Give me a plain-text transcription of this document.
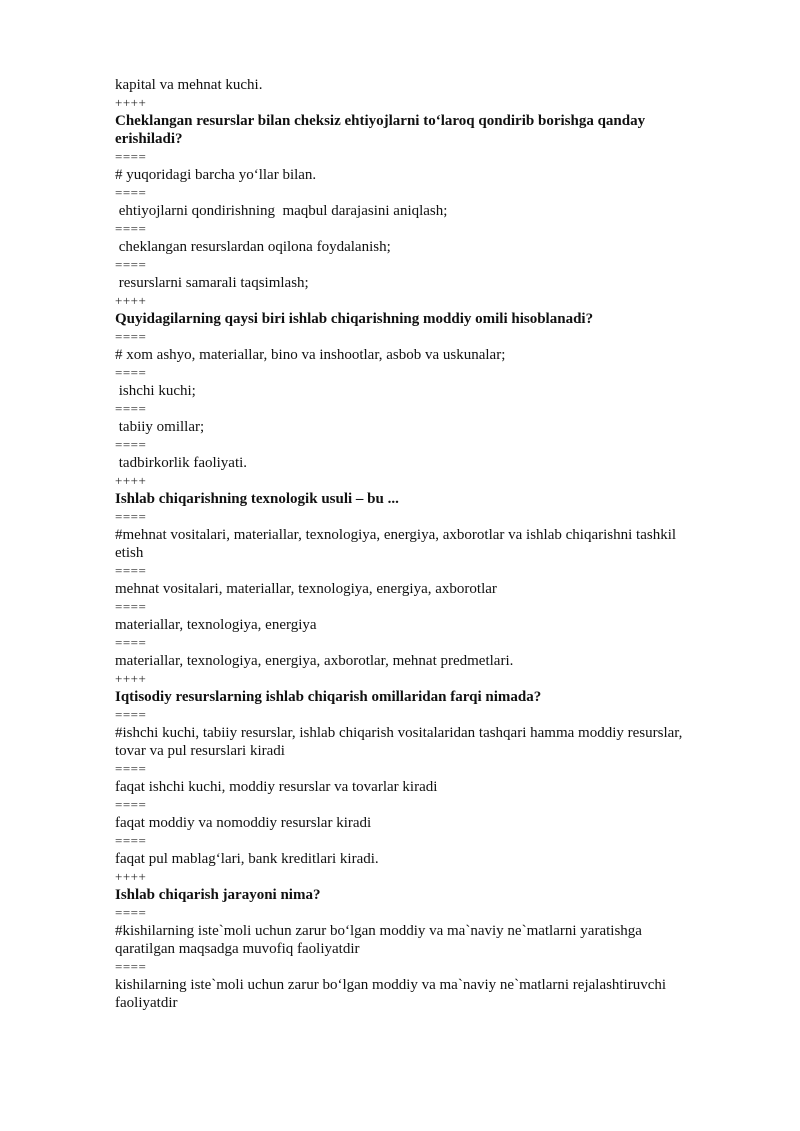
kapital va mehnat kuchi.
++++
Cheklangan resurslar bilan cheksiz ehtiyojlarni to‘laroq qondirib borishga qanday
erishiladi?
====
# yuqoridagi barcha yo‘llar bilan.
====
ehtiyojlarni qondirishning  maqbul darajasini aniqlash;
====
cheklangan resurslardan oqilona foydalanish;
====
resurslarni samarali taqsimlash;
++++
Quyidagilarning qaysi biri ishlab chiqarishning moddiy omili hisoblanadi?
====
# xom ashyo, materiallar, bino va inshootlar, asbob va uskunalar;
====
ishchi kuchi;
====
tabiiy omillar;
====
tadbirkorlik faoliyati.
++++
Ishlab chiqarishning texnologik usuli – bu ...
====
#mehnat vositalari, materiallar, texnologiya, energiya, axborotlar va ishlab chiqarishni tashkil
etish
====
mehnat vositalari, materiallar, texnologiya, energiya, axborotlar
====
materiallar, texnologiya, energiya
====
materiallar, texnologiya, energiya, axborotlar, mehnat predmetlari.
++++
Iqtisodiy resurslarning ishlab chiqarish omillaridan farqi nimada?
====
#ishchi kuchi, tabiiy resurslar, ishlab chiqarish vositalaridan tashqari hamma moddiy resurslar,
tovar va pul resurslari kiradi
====
faqat ishchi kuchi, moddiy resurslar va tovarlar kiradi
====
faqat moddiy va nomoddiy resurslar kiradi
====
faqat pul mablag‘lari, bank kreditlari kiradi.
++++
Ishlab chiqarish jarayoni nima?
====
#kishilarning iste`moli uchun zarur bo‘lgan moddiy va ma`naviy ne`matlarni yaratishga
qaratilgan maqsadga muvofiq faoliyatdir
====
kishilarning iste`moli uchun zarur bo‘lgan moddiy va ma`naviy ne`matlarni rejalashtiruvchi
faoliyatdir
